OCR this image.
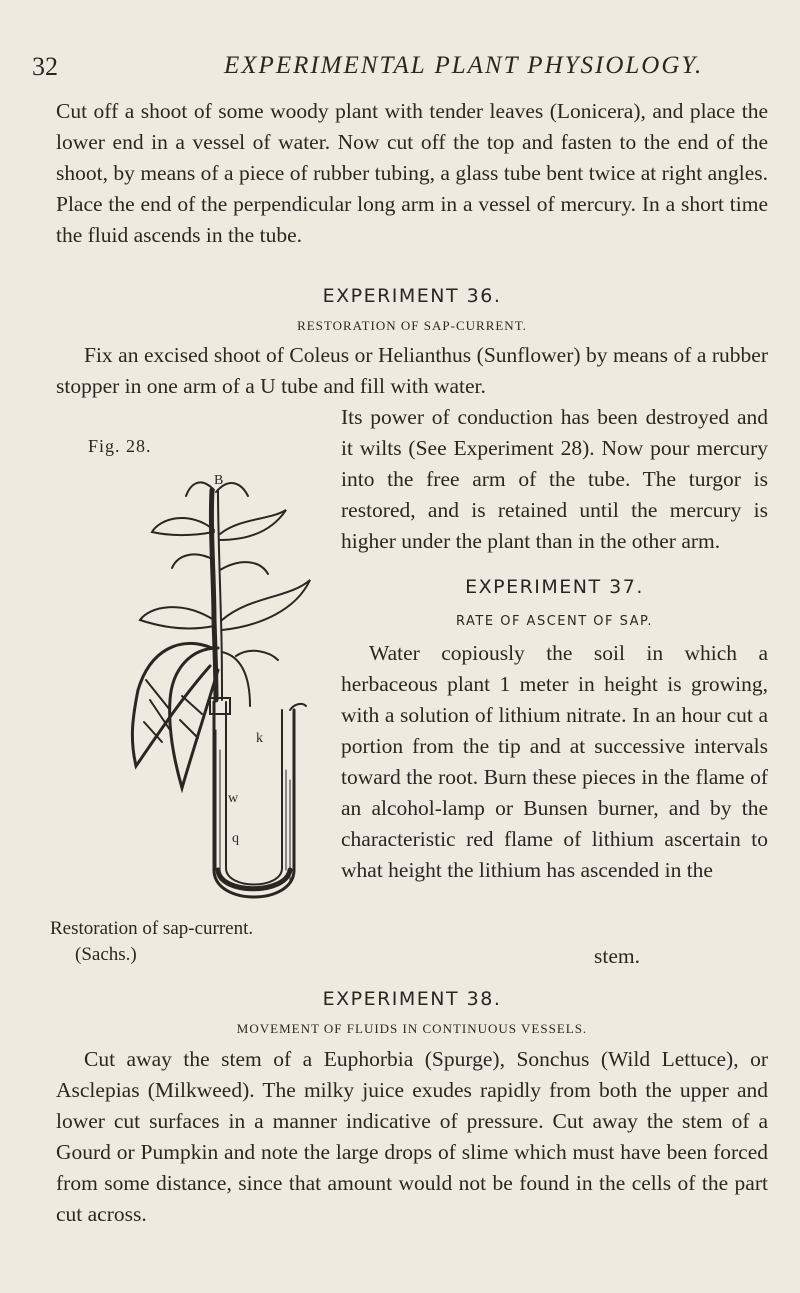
32	EXPERIMENTAL PLANT PHYSIOLOGY.

Cut off a shoot of some woody plant with tender leaves (Lonicera), and place the lower end in a vessel of water. Now cut off the top and fasten to the end of the shoot, by means of a piece of rubber tubing, a glass tube bent twice at right angles. Place the end of the perpendicular long arm in a vessel of mercury. In a short time the fluid ascends in the tube.

EXPERIMENT 36.
RESTORATION OF SAP-CURRENT.

Fix an excised shoot of Coleus or Helianthus (Sunflower) by means of a rubber stopper in one arm of a U tube and fill with water.

Fig. 28.

Its power of conduction has been destroyed and it wilts (See Experiment 28). Now pour mercury into the free arm of the tube. The turgor is restored, and is retained until the mercury is higher under the plant than in the other arm.

EXPERIMENT 37.
RATE OF ASCENT OF SAP.

Water copiously the soil in which a herbaceous plant 1 meter in height is growing, with a solution of lithium nitrate. In an hour cut a portion from the tip and at successive intervals toward the root. Burn these pieces in the flame of an alcohol-lamp or Bunsen burner, and by the characteristic red flame of lithium ascertain to what height the lithium has ascended in the

B
k
w
q
Restoration of sap-current.
(Sachs.)	stem.
EXPERIMENT 38.
MOVEMENT OF FLUIDS IN CONTINUOUS VESSELS.

Cut away the stem of a Euphorbia (Spurge), Sonchus (Wild Lettuce), or Asclepias (Milkweed). The milky juice exudes rapidly from both the upper and lower cut surfaces in a manner indicative of pressure. Cut away the stem of a Gourd or Pumpkin and note the large drops of slime which must have been forced from some distance, since that amount would not be found in the cells of the part cut across.
